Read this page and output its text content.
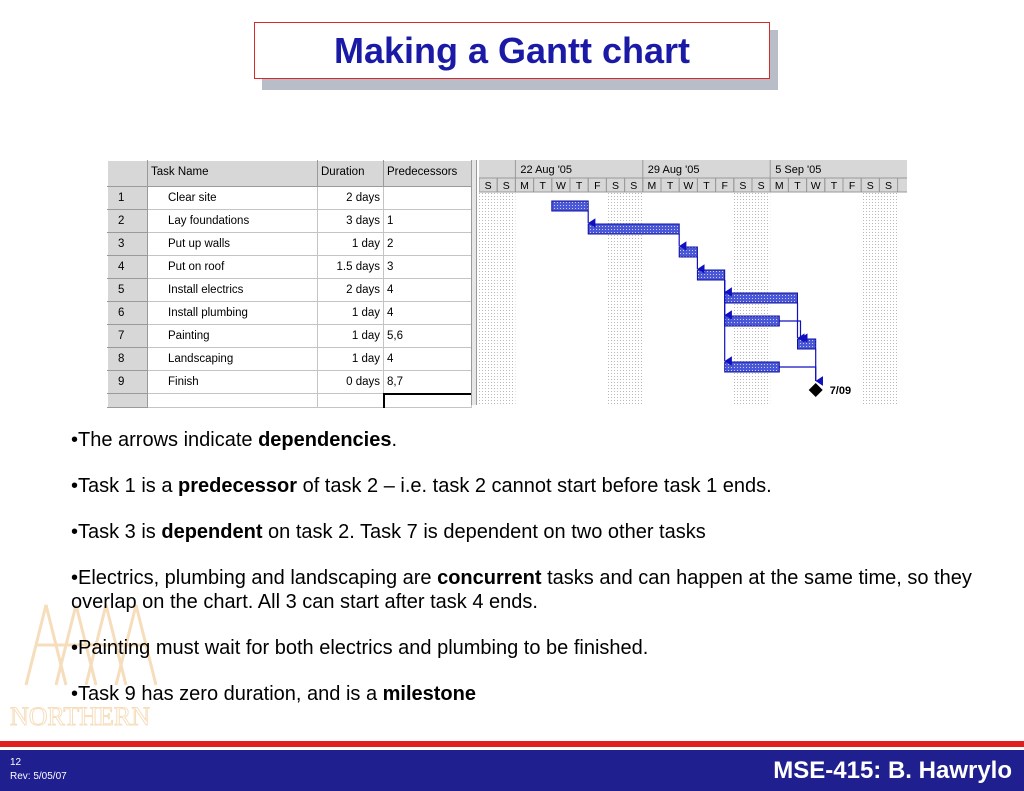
Making a Gantt chart
NORTHERN
	Task Name	Duration	Predecessors
1	Clear site	2 days	
2	Lay foundations	3 days	1
3	Put up walls	1 day	2
4	Put on roof	1.5 days	3
5	Install electrics	2 days	4
6	Install plumbing	1 day	4
7	Painting	1 day	5,6
8	Landscaping	1 day	4
9	Finish	0 days	8,7

22 Aug '05	29 Aug '05	5 Sep '05
S S M T W T F S S M T W T F S S M T W T F S S
7/09
•The arrows indicate dependencies.
•Task 1 is a predecessor of task 2 – i.e. task 2 cannot start before task 1 ends.
•Task 3 is dependent on task 2. Task 7 is dependent on two other tasks
•Electrics, plumbing and landscaping are concurrent tasks and can happen at the same time, so they overlap on the chart. All 3 can start after task 4 ends.
•Painting must wait for both electrics and plumbing to be finished.
•Task 9 has zero duration, and is a milestone
12
Rev: 5/05/07	MSE-415: B. Hawrylo
